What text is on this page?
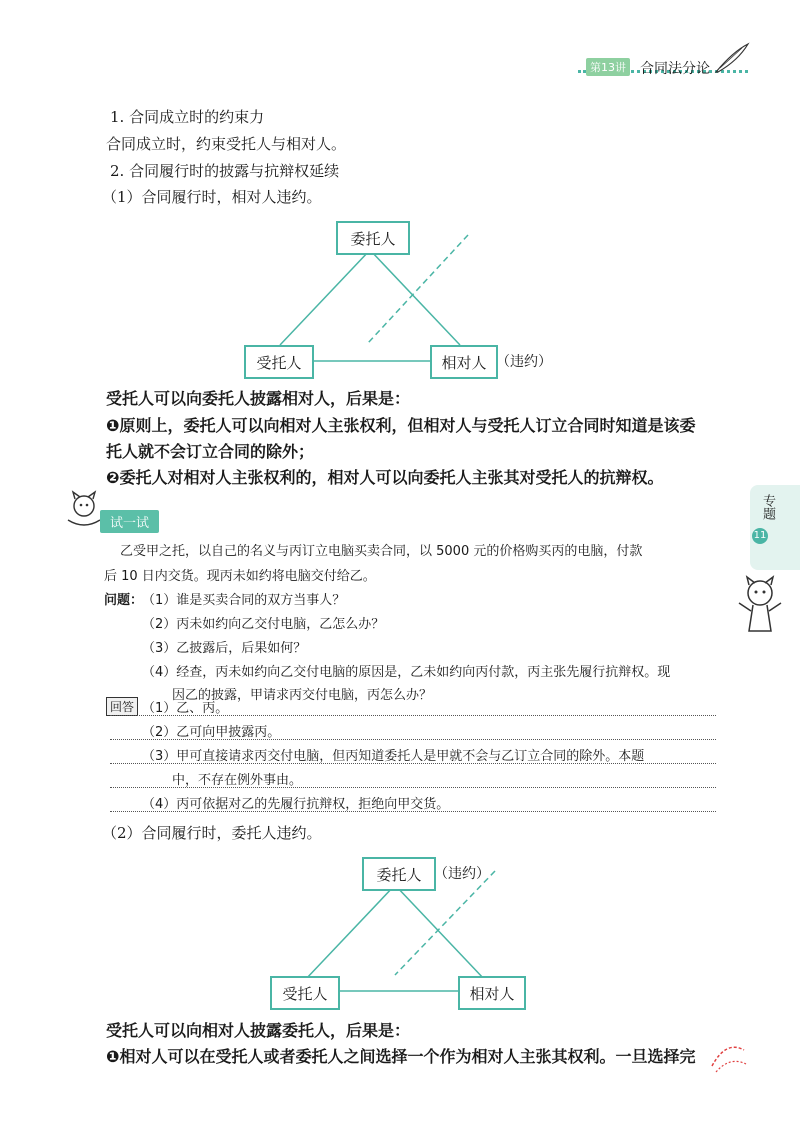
第13讲 合同法分论
专题
11
1. 合同成立时的约束力
合同成立时，约束受托人与相对人。
2. 合同履行时的披露与抗辩权延续
（1）合同履行时，相对人违约。
委托人
受托人	相对人 （违约）
受托人可以向委托人披露相对人，后果是：
❶原则上，委托人可以向相对人主张权利，但相对人与受托人订立合同时知道是该委
托人就不会订立合同的除外；
❷委托人对相对人主张权利的，相对人可以向委托人主张其对受托人的抗辩权。
试一试
乙受甲之托，以自己的名义与丙订立电脑买卖合同，以 5000 元的价格购买丙的电脑，付款
后 10 日内交货。现丙未如约将电脑交付给乙。
问题：
（1）谁是买卖合同的双方当事人？
（2）丙未如约向乙交付电脑，乙怎么办？
（3）乙披露后，后果如何？
（4）经查，丙未如约向乙交付电脑的原因是，乙未如约向丙付款，丙主张先履行抗辩权。现
因乙的披露，甲请求丙交付电脑，丙怎么办？
回答 （1）乙、丙。
（2）乙可向甲披露丙。
（3）甲可直接请求丙交付电脑，但丙知道委托人是甲就不会与乙订立合同的除外。本题
中，不存在例外事由。
（4）丙可依据对乙的先履行抗辩权，拒绝向甲交货。
（2）合同履行时，委托人违约。
委托人 （违约）
受托人	相对人
受托人可以向相对人披露委托人，后果是：
❶相对人可以在受托人或者委托人之间选择一个作为相对人主张其权利。一旦选择完
